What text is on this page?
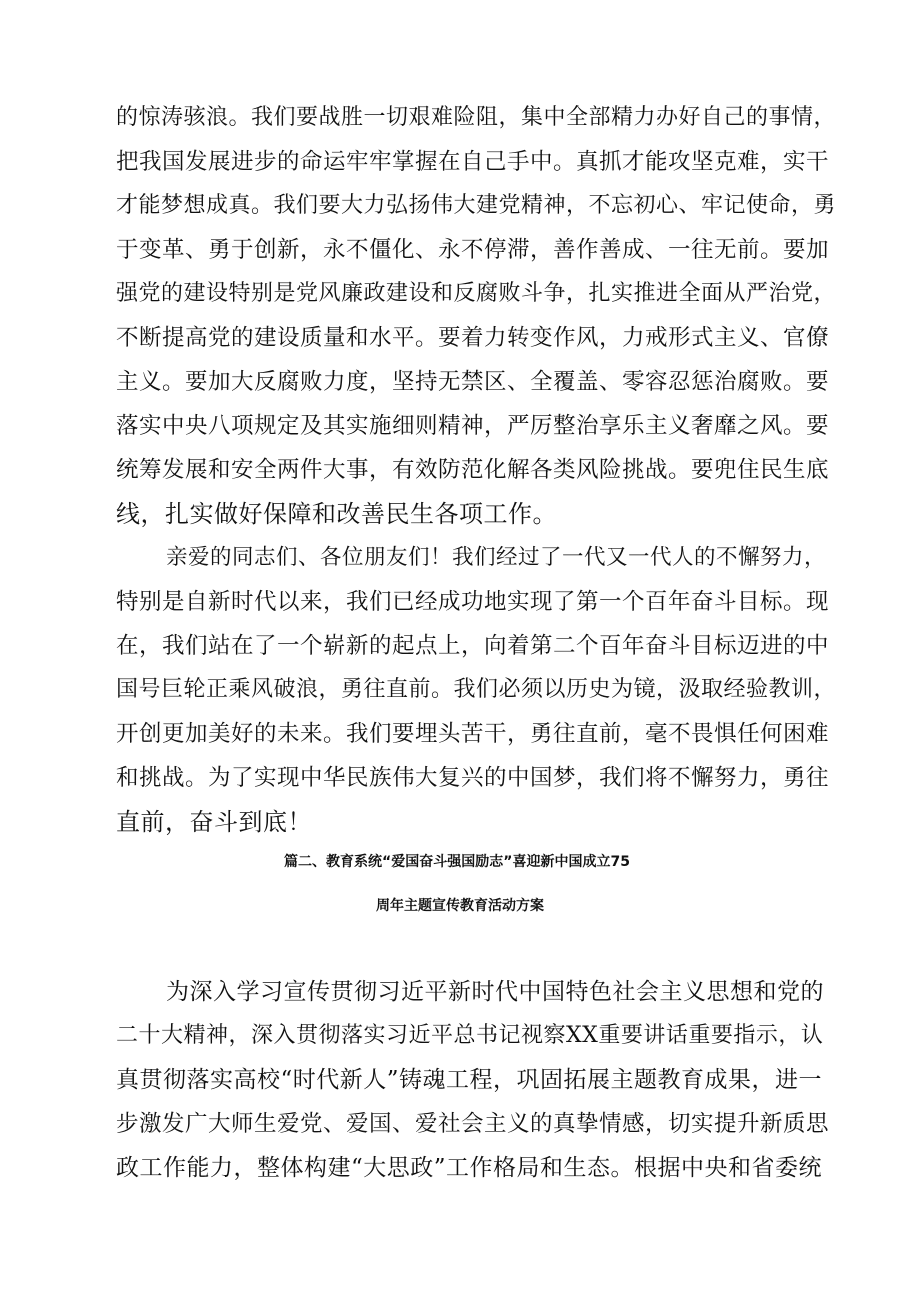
的惊涛骇浪。我们要战胜一切艰难险阻，集中全部精力办好自己的事情，
把我国发展进步的命运牢牢掌握在自己手中。真抓才能攻坚克难，实干
才能梦想成真。我们要大力弘扬伟大建党精神，不忘初心、牢记使命，勇
于变革、勇于创新，永不僵化、永不停滞，善作善成、一往无前。要加
强党的建设特别是党风廉政建设和反腐败斗争，扎实推进全面从严治党，
不断提高党的建设质量和水平。要着力转变作风，力戒形式主义、官僚
主义。要加大反腐败力度，坚持无禁区、全覆盖、零容忍惩治腐败。要
落实中央八项规定及其实施细则精神，严厉整治享乐主义奢靡之风。要
统筹发展和安全两件大事，有效防范化解各类风险挑战。要兜住民生底
线，扎实做好保障和改善民生各项工作。
亲爱的同志们、各位朋友们！我们经过了一代又一代人的不懈努力，
特别是自新时代以来，我们已经成功地实现了第一个百年奋斗目标。现
在，我们站在了一个崭新的起点上，向着第二个百年奋斗目标迈进的中
国号巨轮正乘风破浪，勇往直前。我们必须以历史为镜，汲取经验教训，
开创更加美好的未来。我们要埋头苦干，勇往直前，毫不畏惧任何困难
和挑战。为了实现中华民族伟大复兴的中国梦，我们将不懈努力，勇往
直前，奋斗到底！
篇二、教育系统“爱国奋斗强国励志”喜迎新中国成立75
周年主题宣传教育活动方案
为深入学习宣传贯彻习近平新时代中国特色社会主义思想和党的
二十大精神，深入贯彻落实习近平总书记视察XX重要讲话重要指示，认
真贯彻落实高校“时代新人”铸魂工程，巩固拓展主题教育成果，进一
步激发广大师生爱党、爱国、爱社会主义的真挚情感，切实提升新质思
政工作能力，整体构建“大思政”工作格局和生态。根据中央和省委统
